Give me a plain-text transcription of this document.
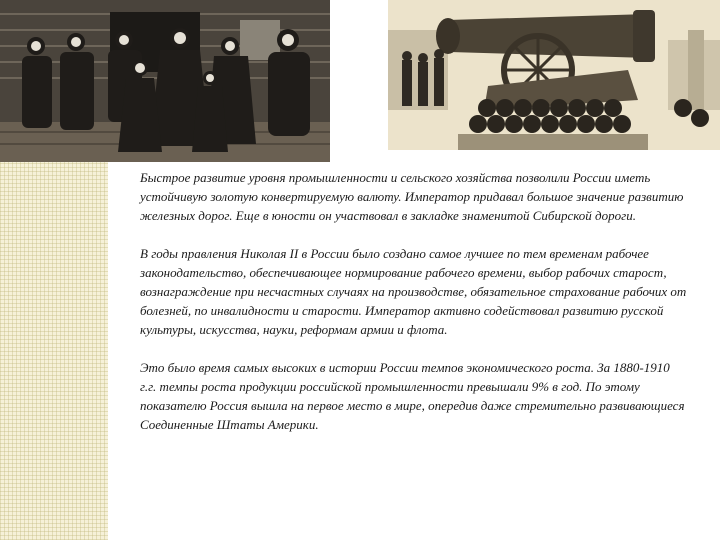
Быстрое развитие уровня промышленности и сельского хозяйства позволили России иметь устойчивую золотую конвертируемую валюту. Император придавал большое значение развитию железных дорог. Еще в юности он участвовал в закладке знаменитой Сибирской дороги.

В годы правления Николая II в России было создано самое лучшее по тем временам рабочее законодательство, обеспечивающее нормирование рабочего времени, выбор рабочих старост, вознаграждение при несчастных случаях на производстве, обязательное страхование рабочих от болезней, по инвалидности и старости. Император активно содействовал развитию русской культуры, искусства, науки, реформам армии и флота.

Это было время самых высоких в истории России темпов экономического роста. За 1880-1910 г.г. темпы роста продукции российской промышленности превышали 9% в год. По этому показателю Россия вышла на первое место в мире, опередив даже стремительно развивающиеся Соединенные Штаты Америки.
